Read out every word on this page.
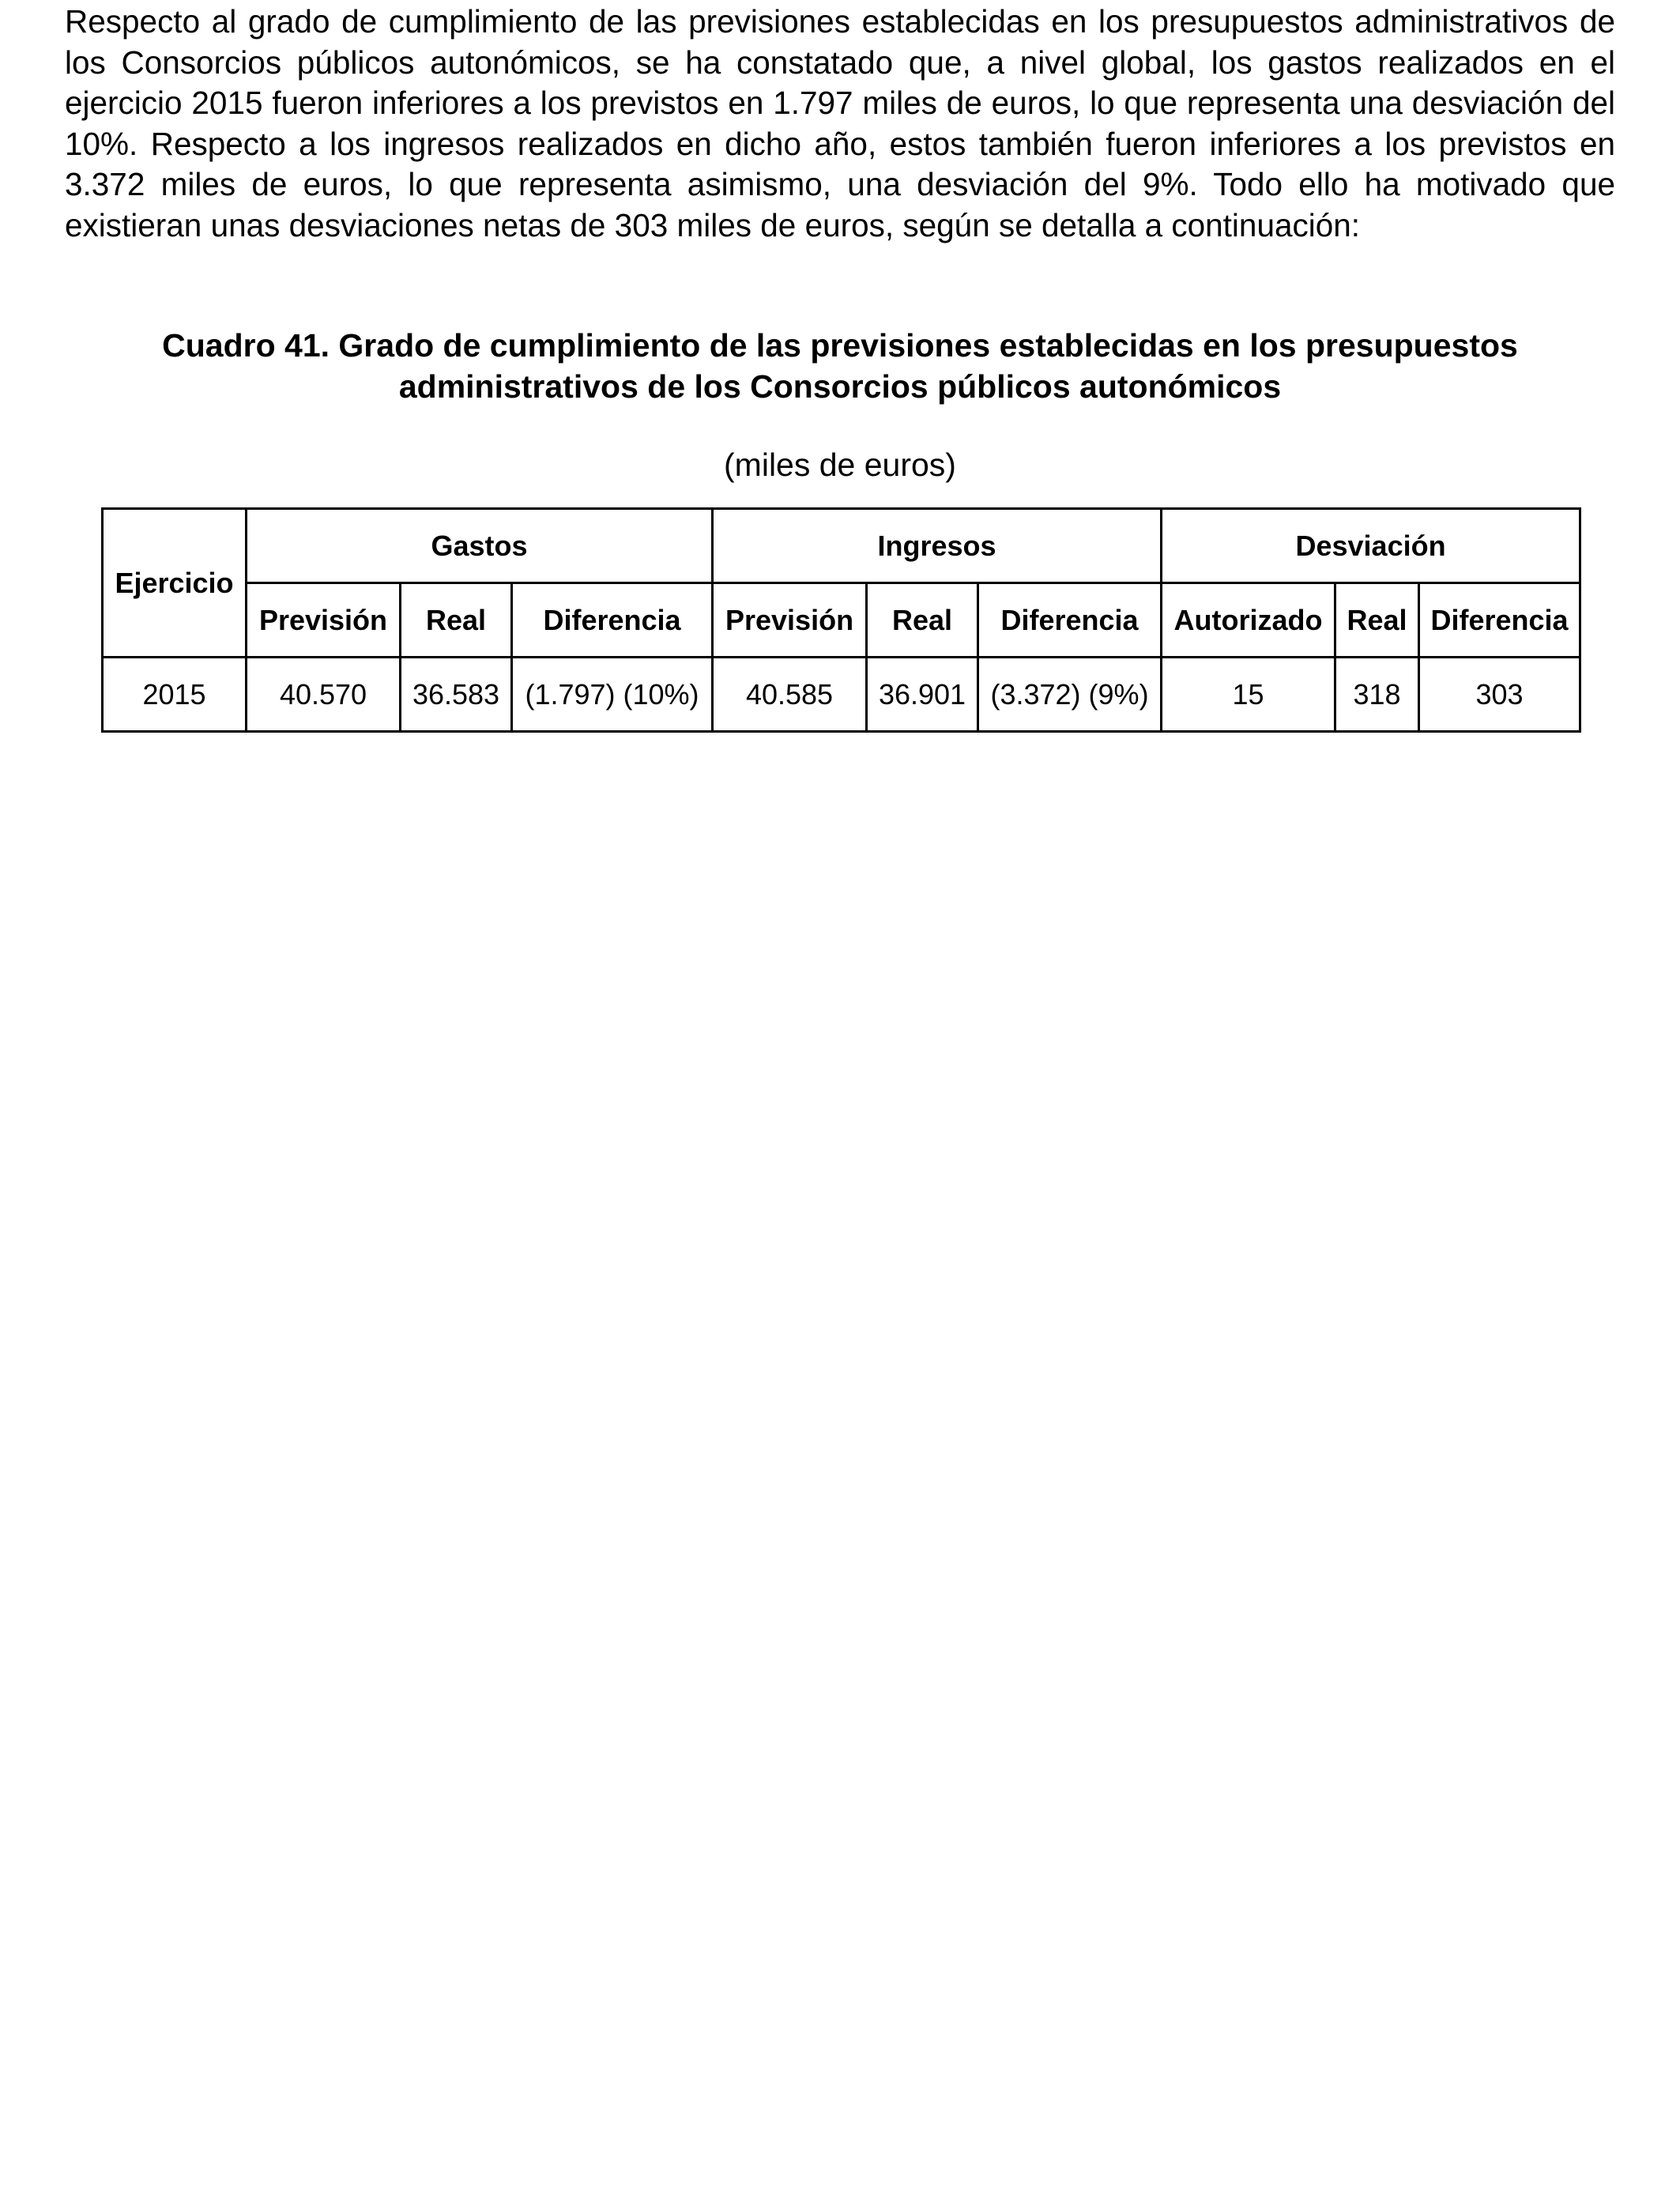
Respecto al grado de cumplimiento de las previsiones establecidas en los presupuestos administrativos de los Consorcios públicos autonómicos, se ha constatado que, a nivel global, los gastos realizados en el ejercicio 2015 fueron inferiores a los previstos en 1.797 miles de euros, lo que representa una desviación del 10%. Respecto a los ingresos realizados en dicho año, estos también fueron inferiores a los previstos en 3.372 miles de euros, lo que representa asimismo, una desviación del 9%. Todo ello ha motivado que existieran unas desviaciones netas de 303 miles de euros, según se detalla a continuación:

Cuadro 41. Grado de cumplimiento de las previsiones establecidas en los presupuestos
administrativos de los Consorcios públicos autonómicos
(miles de euros)
Ejercicio	Gastos			Ingresos			Desviación		
	Previsión	Real	Diferencia	Previsión	Real	Diferencia	Autorizado	Real	Diferencia
2015	40.570	36.583	(1.797) (10%)	40.585	36.901	(3.372) (9%)	15	318	303
